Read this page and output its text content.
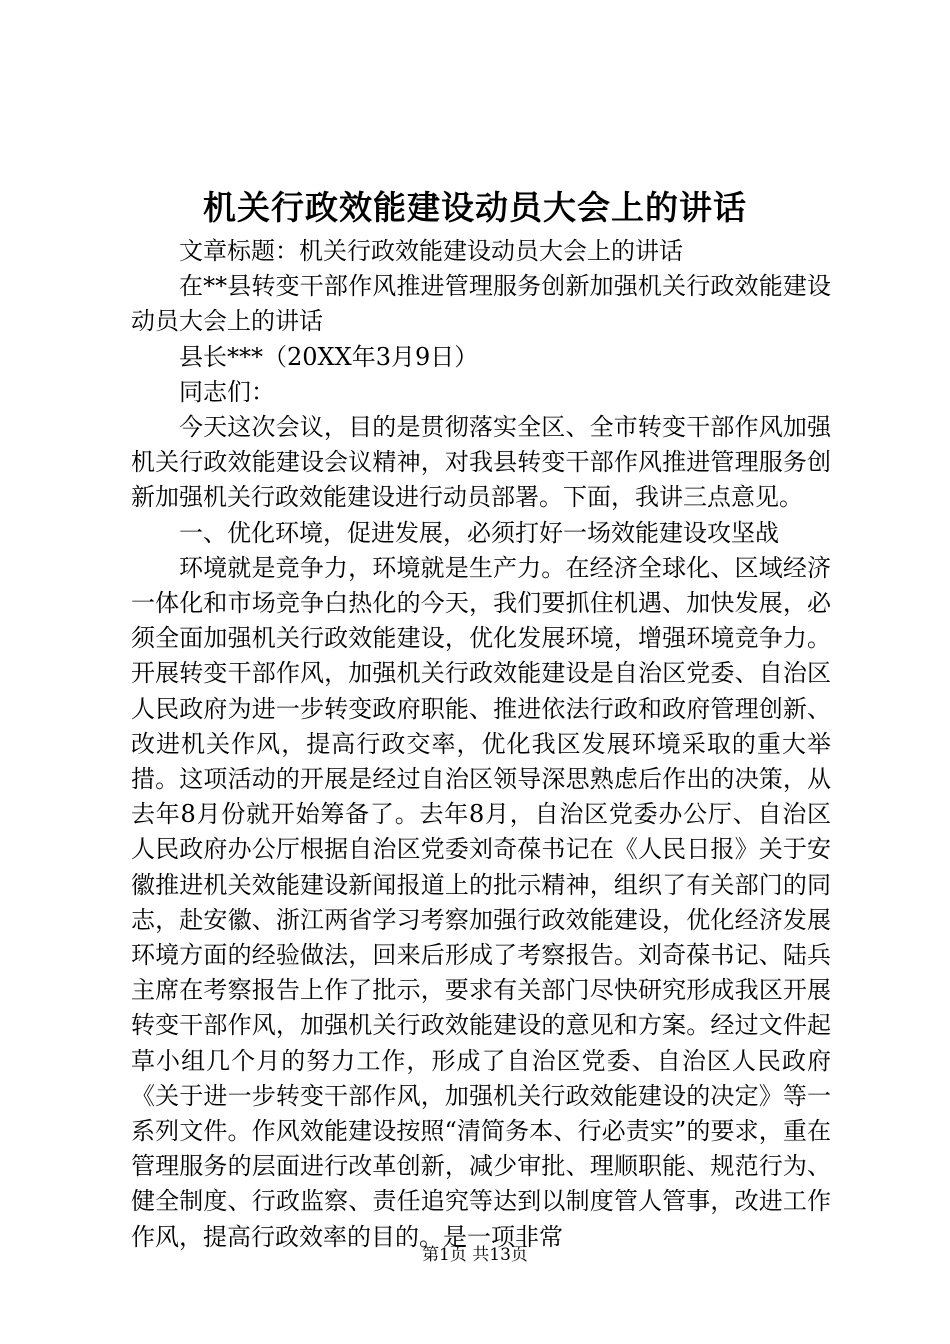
机关行政效能建设动员大会上的讲话

文章标题：机关行政效能建设动员大会上的讲话

在**县转变干部作风推进管理服务创新加强机关行政效能建设动员大会上的讲话

县长***（20XX年3月9日）

同志们：

今天这次会议，目的是贯彻落实全区、全市转变干部作风加强机关行政效能建设会议精神，对我县转变干部作风推进管理服务创新加强机关行政效能建设进行动员部署。下面，我讲三点意见。

一、优化环境，促进发展，必须打好一场效能建设攻坚战

环境就是竞争力，环境就是生产力。在经济全球化、区域经济一体化和市场竞争白热化的今天，我们要抓住机遇、加快发展，必须全面加强机关行政效能建设，优化发展环境，增强环境竞争力。开展转变干部作风，加强机关行政效能建设是自治区党委、自治区人民政府为进一步转变政府职能、推进依法行政和政府管理创新、改进机关作风，提高行政交率，优化我区发展环境采取的重大举措。这项活动的开展是经过自治区领导深思熟虑后作出的决策，从去年8月份就开始筹备了。去年8月，自治区党委办公厅、自治区人民政府办公厅根据自治区党委刘奇葆书记在《人民日报》关于安徽推进机关效能建设新闻报道上的批示精神，组织了有关部门的同志，赴安徽、浙江两省学习考察加强行政效能建设，优化经济发展环境方面的经验做法，回来后形成了考察报告。刘奇葆书记、陆兵主席在考察报告上作了批示，要求有关部门尽快研究形成我区开展转变干部作风，加强机关行政效能建设的意见和方案。经过文件起草小组几个月的努力工作，形成了自治区党委、自治区人民政府《关于进一步转变干部作风，加强机关行政效能建设的决定》等一系列文件。作风效能建设按照“清简务本、行必责实”的要求，重在管理服务的层面进行改革创新，减少审批、理顺职能、规范行为、健全制度、行政监察、责任追究等达到以制度管人管事，改进工作作风，提高行政效率的目的。是一项非常

第1页 共13页
